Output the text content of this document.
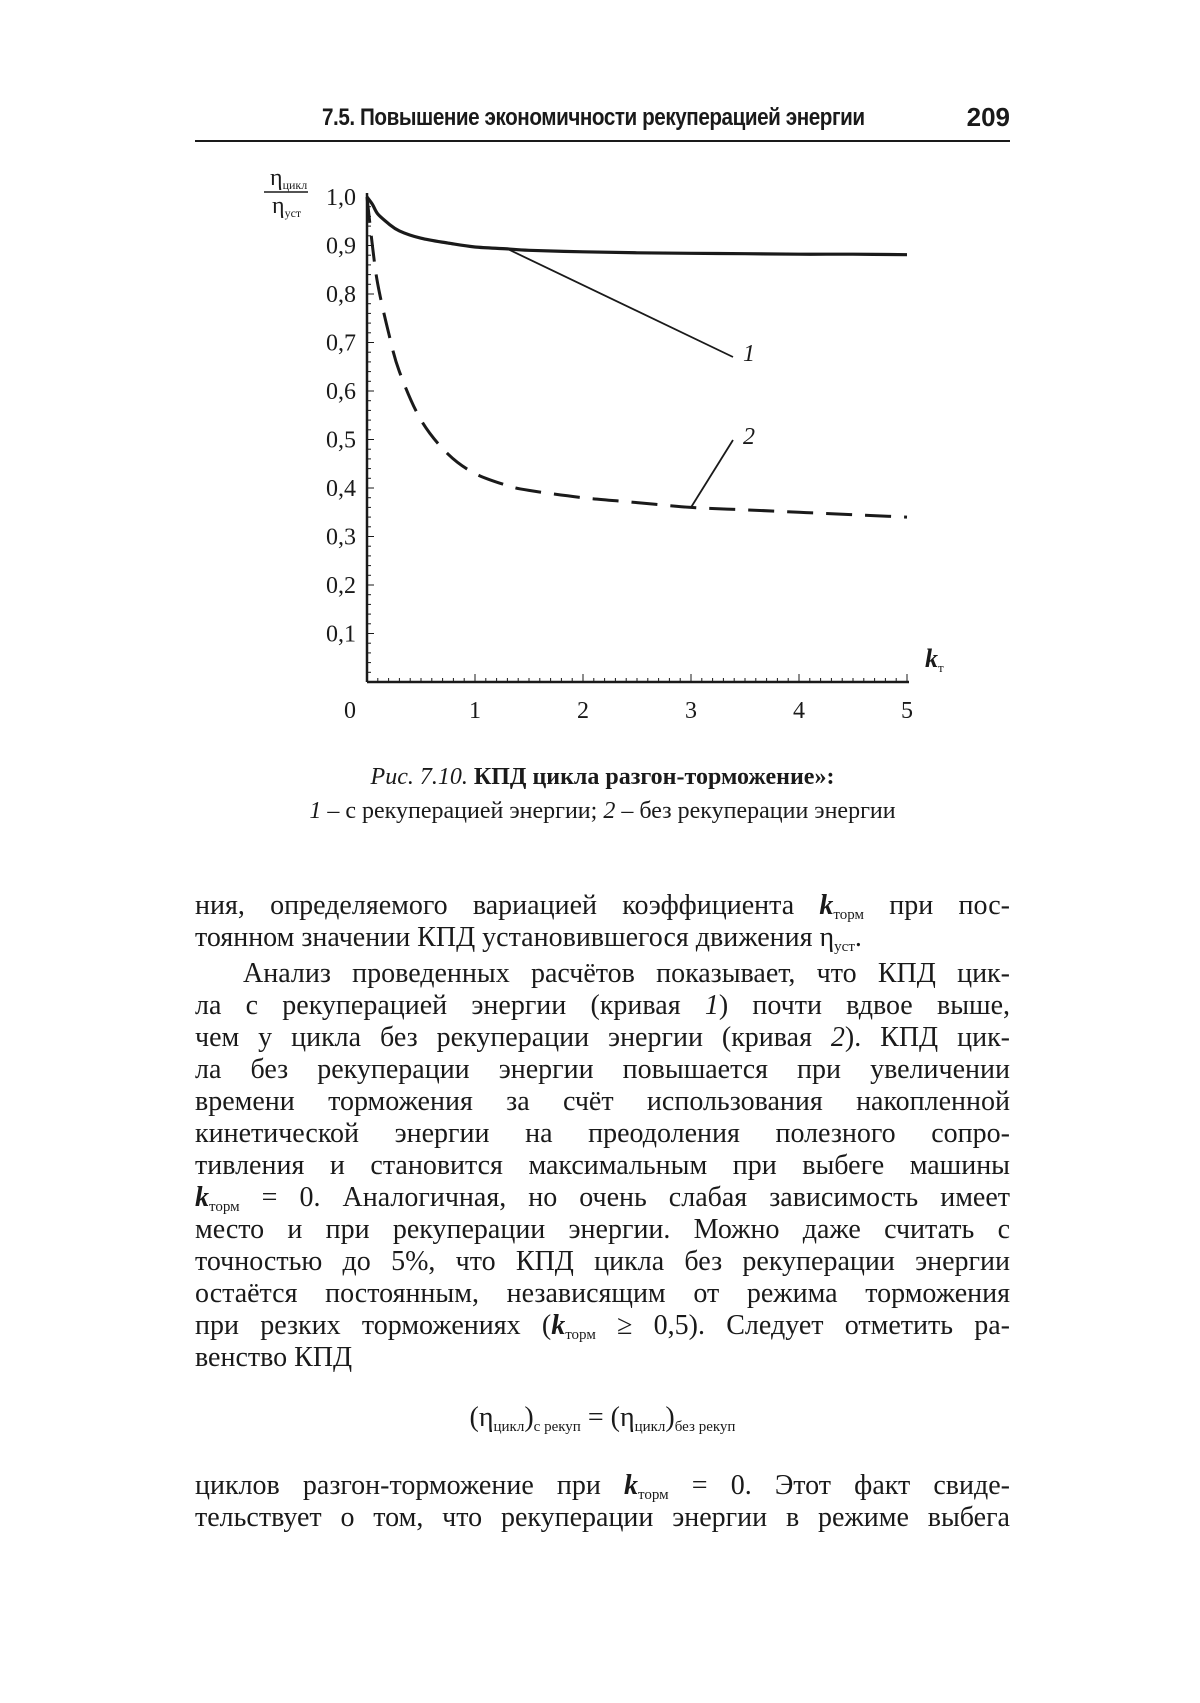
7.5. Повышение экономичности рекуперацией энергии	209
0,1
0,2
0,3
0,4
0,5
0,6
0,7
0,8
0,9
1,0
0	1	2	3	4	5
1
2
ηцикл
ηуст
kт
Рис. 7.10. КПД цикла разгон-торможение»:
1 – с рекуперацией энергии; 2 – без рекуперации энергии
ния, определяемого вариацией коэффициента $k_{торм}$ при пос-
тоянном значении КПД установившегося движения $\eta_{уст}$.
Анализ проведенных расчётов показывает, что КПД цик-
ла с рекуперацией энергии (кривая 1) почти вдвое выше,
чем у цикла без рекуперации энергии (кривая 2). КПД цик-
ла без рекуперации энергии повышается при увеличении
времени торможения за счёт использования накопленной
кинетической энергии на преодоления полезного сопро-
тивления и становится максимальным при выбеге машины
$k_{торм} = 0$. Аналогичная, но очень слабая зависимость имеет
место и при рекуперации энергии. Можно даже считать с
точностью до 5%, что КПД цикла без рекуперации энергии
остаётся постоянным, независящим от режима торможения
при резких торможениях $(k_{торм} \ge 0,5)$. Следует отметить ра-
венство КПД
$(\eta_{цикл})_{с рекуп} = (\eta_{цикл})_{без рекуп}$
циклов разгон-торможение при $k_{торм} = 0$. Этот факт свиде-
тельствует о том, что рекуперации энергии в режиме выбега
